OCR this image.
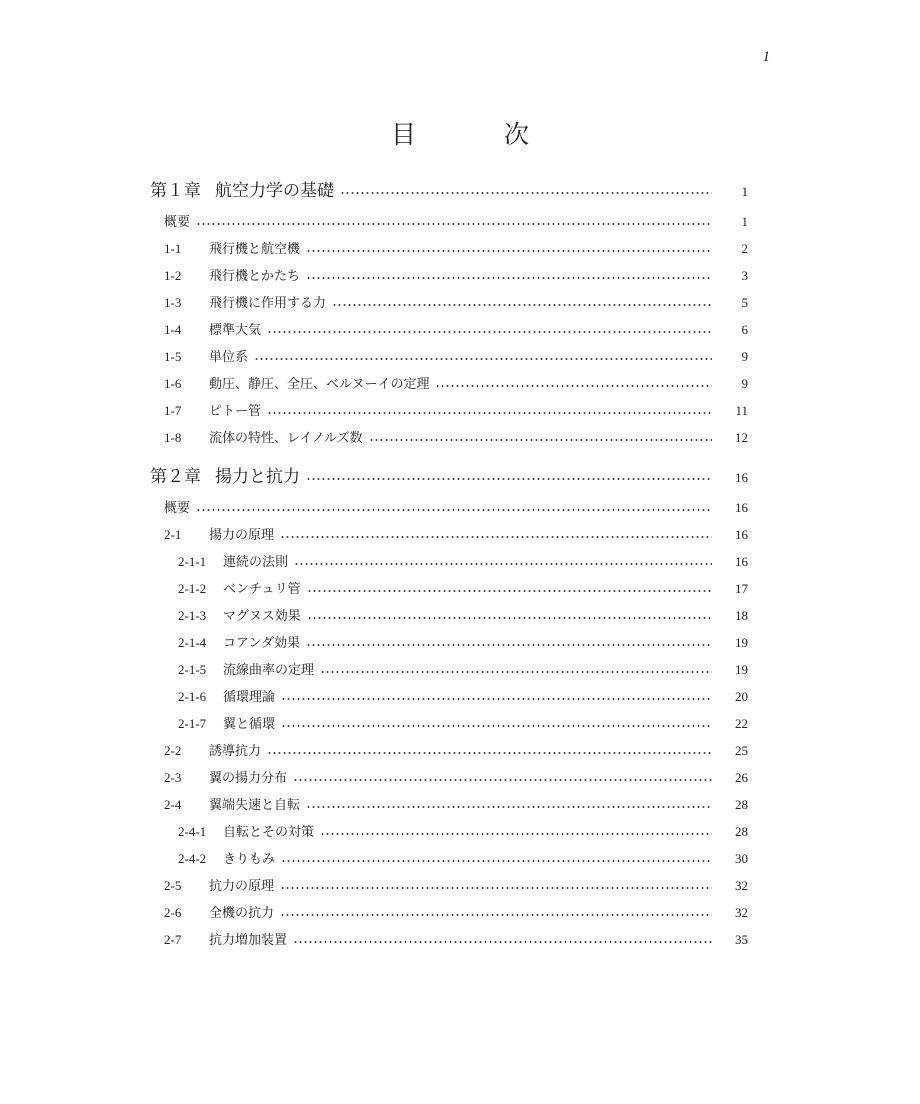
1
目次
第１章 航空力学の基礎	1
概要	1
1-1	飛行機と航空機	2
1-2	飛行機とかたち	3
1-3	飛行機に作用する力	5
1-4	標準大気	6
1-5	単位系	9
1-6	動圧、静圧、全圧、ベルヌーイの定理	9
1-7	ピトー管	11
1-8	流体の特性、レイノルズ数	12
第２章 揚力と抗力	16
概要	16
2-1	揚力の原理	16
2-1-1	連続の法則	16
2-1-2	ベンチュリ管	17
2-1-3	マグヌス効果	18
2-1-4	コアンダ効果	19
2-1-5	流線曲率の定理	19
2-1-6	循環理論	20
2-1-7	翼と循環	22
2-2	誘導抗力	25
2-3	翼の揚力分布	26
2-4	翼端失速と自転	28
2-4-1	自転とその対策	28
2-4-2	きりもみ	30
2-5	抗力の原理	32
2-6	全機の抗力	32
2-7	抗力増加装置	35
